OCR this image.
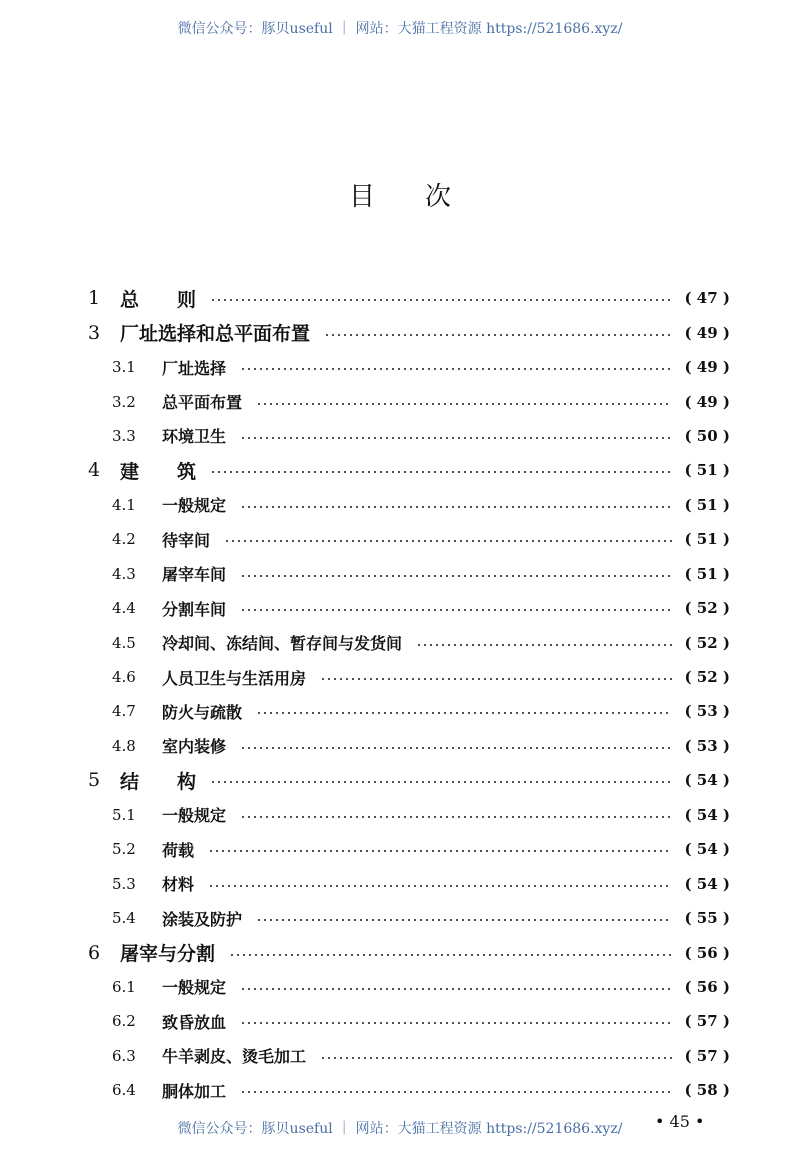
微信公众号：豚贝useful ｜ 网站：大猫工程资源 https://521686.xyz/
目次
1	总　　则	( 47 )
3	厂址选择和总平面布置	( 49 )
3.1	厂址选择	( 49 )
3.2	总平面布置	( 49 )
3.3	环境卫生	( 50 )
4	建　　筑	( 51 )
4.1	一般规定	( 51 )
4.2	待宰间	( 51 )
4.3	屠宰车间	( 51 )
4.4	分割车间	( 52 )
4.5	冷却间、冻结间、暂存间与发货间	( 52 )
4.6	人员卫生与生活用房	( 52 )
4.7	防火与疏散	( 53 )
4.8	室内装修	( 53 )
5	结　　构	( 54 )
5.1	一般规定	( 54 )
5.2	荷载	( 54 )
5.3	材料	( 54 )
5.4	涂装及防护	( 55 )
6	屠宰与分割	( 56 )
6.1	一般规定	( 56 )
6.2	致昏放血	( 57 )
6.3	牛羊剥皮、烫毛加工	( 57 )
6.4	胴体加工	( 58 )
• 45 •
微信公众号：豚贝useful ｜ 网站：大猫工程资源 https://521686.xyz/
